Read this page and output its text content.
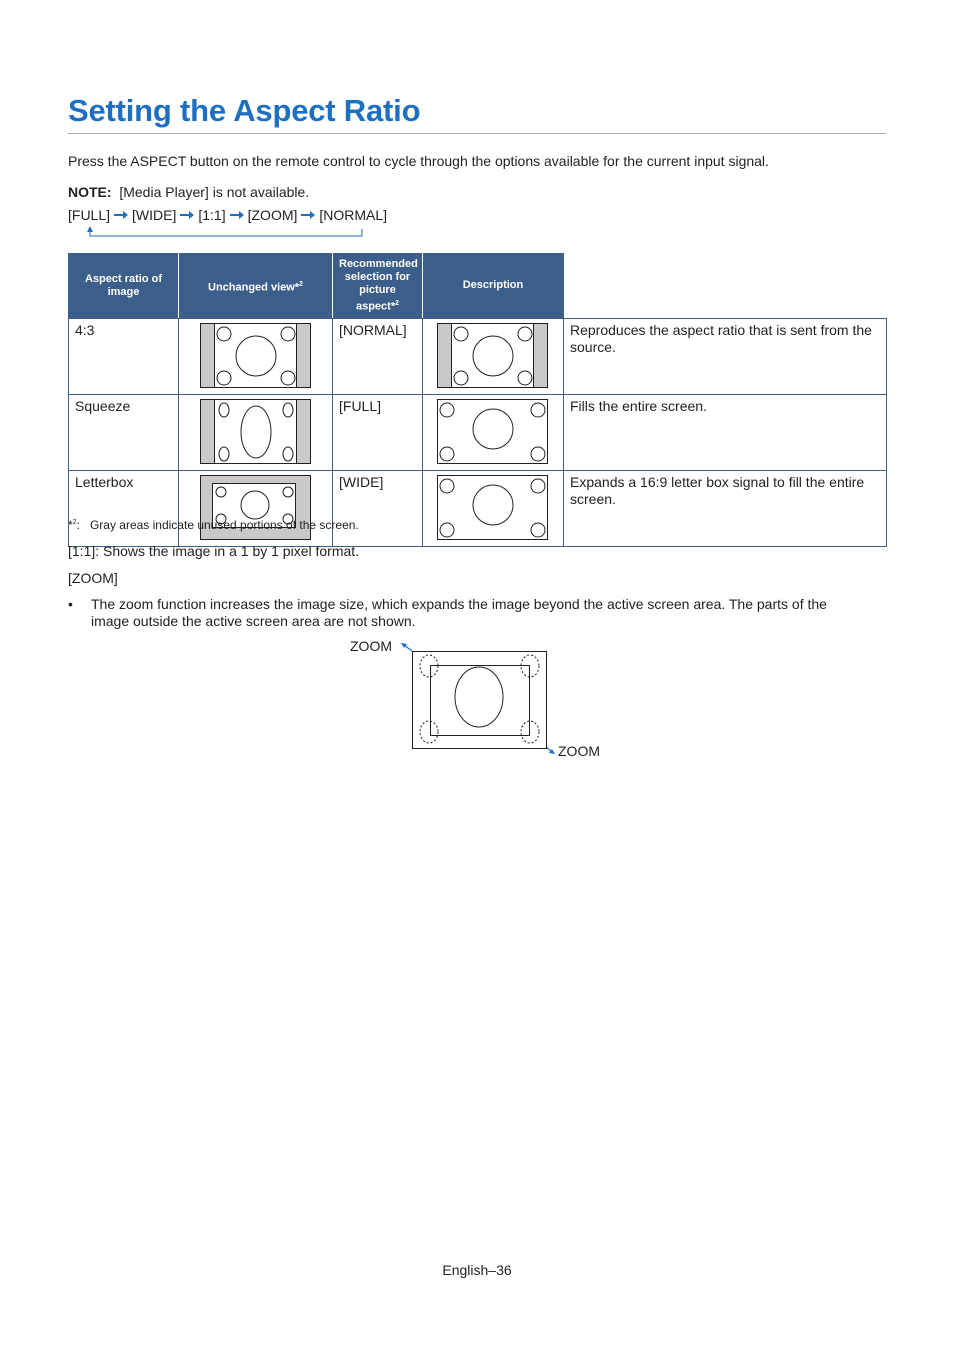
Setting the Aspect Ratio

Press the ASPECT button on the remote control to cycle through the options available for the current input signal.

NOTE: [Media Player] is not available.

[FULL] [WIDE] [1:1] [ZOOM] [NORMAL]
Aspect ratio of image	Unchanged view*$^2$	Recommended selection for picture aspect*$^2$	Description	
4:3		[NORMAL]		Reproduces the aspect ratio that is sent from the source.
Squeeze		[FULL]		Fills the entire screen.
Letterbox		[WIDE]		Expands a 16:9 letter box signal to fill the entire screen.
*$^2$: Gray areas indicate unused portions of the screen.

[1:1]: Shows the image in a 1 by 1 pixel format.

[ZOOM]

•	The zoom function increases the image size, which expands the image beyond the active screen area. The parts of the image outside the active screen area are not shown.
ZOOM
ZOOM
English–36
